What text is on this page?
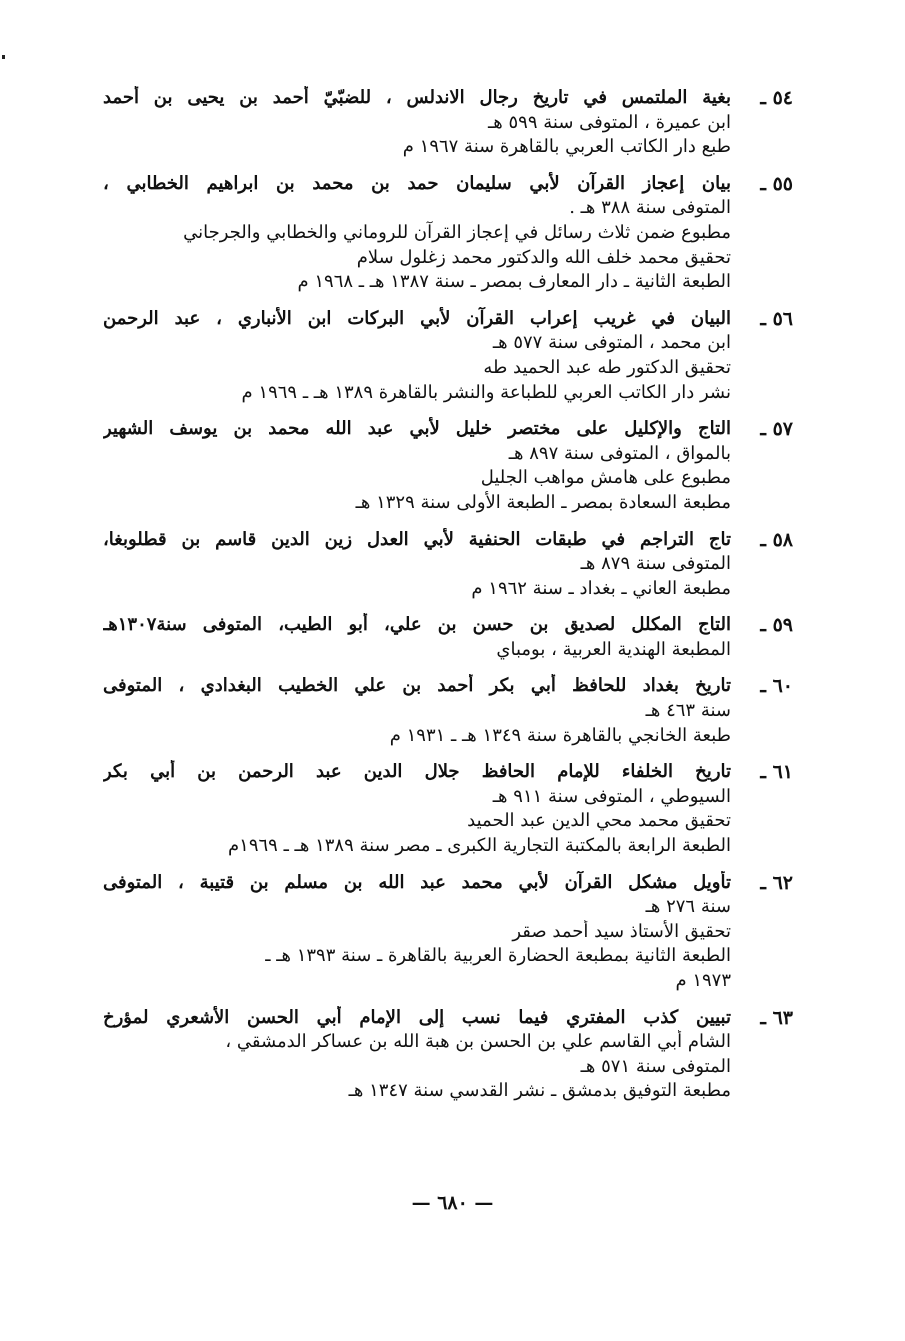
٥٤ ـ
بغية الملتمس في تاريخ رجال الاندلس ، للضبّيّ أحمد بن يحيى بن أحمد
ابن عميرة ، المتوفى سنة ٥٩٩ هـ
طبع دار الكاتب العربي بالقاهرة سنة ١٩٦٧ م
٥٥ ـ
بيان إعجاز القرآن لأبي سليمان حمد بن محمد بن ابراهيم الخطابي ،
المتوفى سنة ٣٨٨ هـ .
مطبوع ضمن ثلاث رسائل في إعجاز القرآن للروماني والخطابي والجرجاني
تحقيق محمد خلف الله والدكتور محمد زغلول سلام
الطبعة الثانية ـ دار المعارف بمصر ـ سنة ١٣٨٧ هـ ـ ١٩٦٨ م
٥٦ ـ
البيان في غريب إعراب القرآن لأبي البركات ابن الأنباري ، عبد الرحمن
ابن محمد ، المتوفى سنة ٥٧٧ هـ
تحقيق الدكتور طه عبد الحميد طه
نشر دار الكاتب العربي للطباعة والنشر بالقاهرة ١٣٨٩ هـ ـ ١٩٦٩ م
٥٧ ـ
التاج والإكليل على مختصر خليل لأبي عبد الله محمد بن يوسف الشهير
بالمواق ، المتوفى سنة ٨٩٧ هـ
مطبوع على هامش مواهب الجليل
مطبعة السعادة بمصر ـ الطبعة الأولى سنة ١٣٢٩ هـ
٥٨ ـ
تاج التراجم في طبقات الحنفية لأبي العدل زين الدين قاسم بن قطلوبغا،
المتوفى سنة ٨٧٩ هـ
مطبعة العاني ـ بغداد ـ سنة ١٩٦٢ م
٥٩ ـ
التاج المكلل لصديق بن حسن بن علي، أبو الطيب، المتوفى سنة١٣٠٧هـ
المطبعة الهندية العربية ، بومباي
٦٠ ـ
تاريخ بغداد للحافظ أبي بكر أحمد بن علي الخطيب البغدادي ، المتوفى
سنة ٤٦٣ هـ
طبعة الخانجي بالقاهرة سنة ١٣٤٩ هـ ـ ١٩٣١ م
٦١ ـ
تاريخ الخلفاء للإمام الحافظ جلال الدين عبد الرحمن بن أبي بكر
السيوطي ، المتوفى سنة ٩١١ هـ
تحقيق محمد محي الدين عبد الحميد
الطبعة الرابعة بالمكتبة التجارية الكبرى ـ مصر سنة ١٣٨٩ هـ ـ ١٩٦٩م
٦٢ ـ
تأويل مشكل القرآن لأبي محمد عبد الله بن مسلم بن قتيبة ، المتوفى
سنة ٢٧٦ هـ
تحقيق الأستاذ سيد أحمد صقر
الطبعة الثانية بمطبعة الحضارة العربية بالقاهرة ـ سنة ١٣٩٣ هـ ـ
١٩٧٣ م
٦٣ ـ
تبيين كذب المفتري فيما نسب إلى الإمام أبي الحسن الأشعري لمؤرخ
الشام أبي القاسم علي بن الحسن بن هبة الله بن عساكر الدمشقي ،
المتوفى سنة ٥٧١ هـ
مطبعة التوفيق بدمشق ـ نشر القدسي سنة ١٣٤٧ هـ
— ٦٨٠ —
